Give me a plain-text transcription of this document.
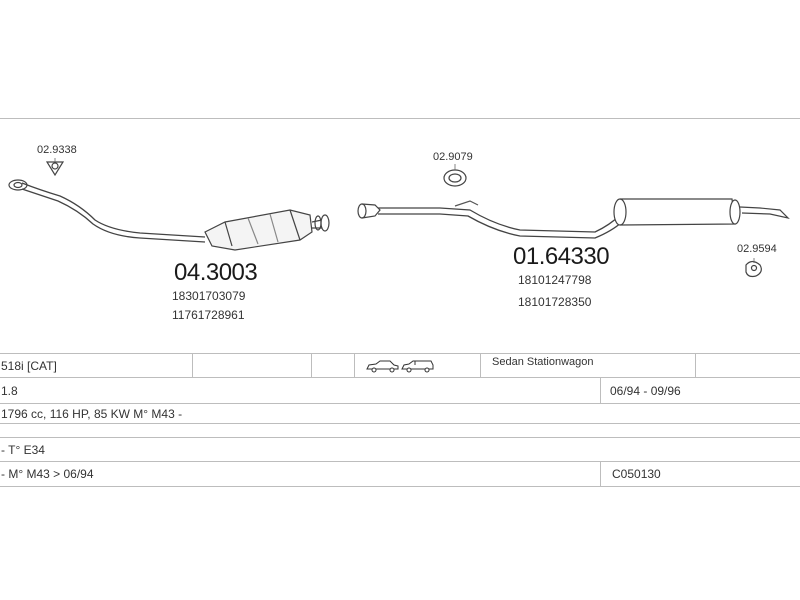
02.9338
04.3003
18301703079
11761728961
02.9079
01.64330
18101247798
18101728350
02.9594
518i [CAT]	Sedan Stationwagon
1.8	06/94 - 09/96
1796 cc, 116 HP, 85 KW M° M43 -
- T° E34
- M° M43 > 06/94	C050130
